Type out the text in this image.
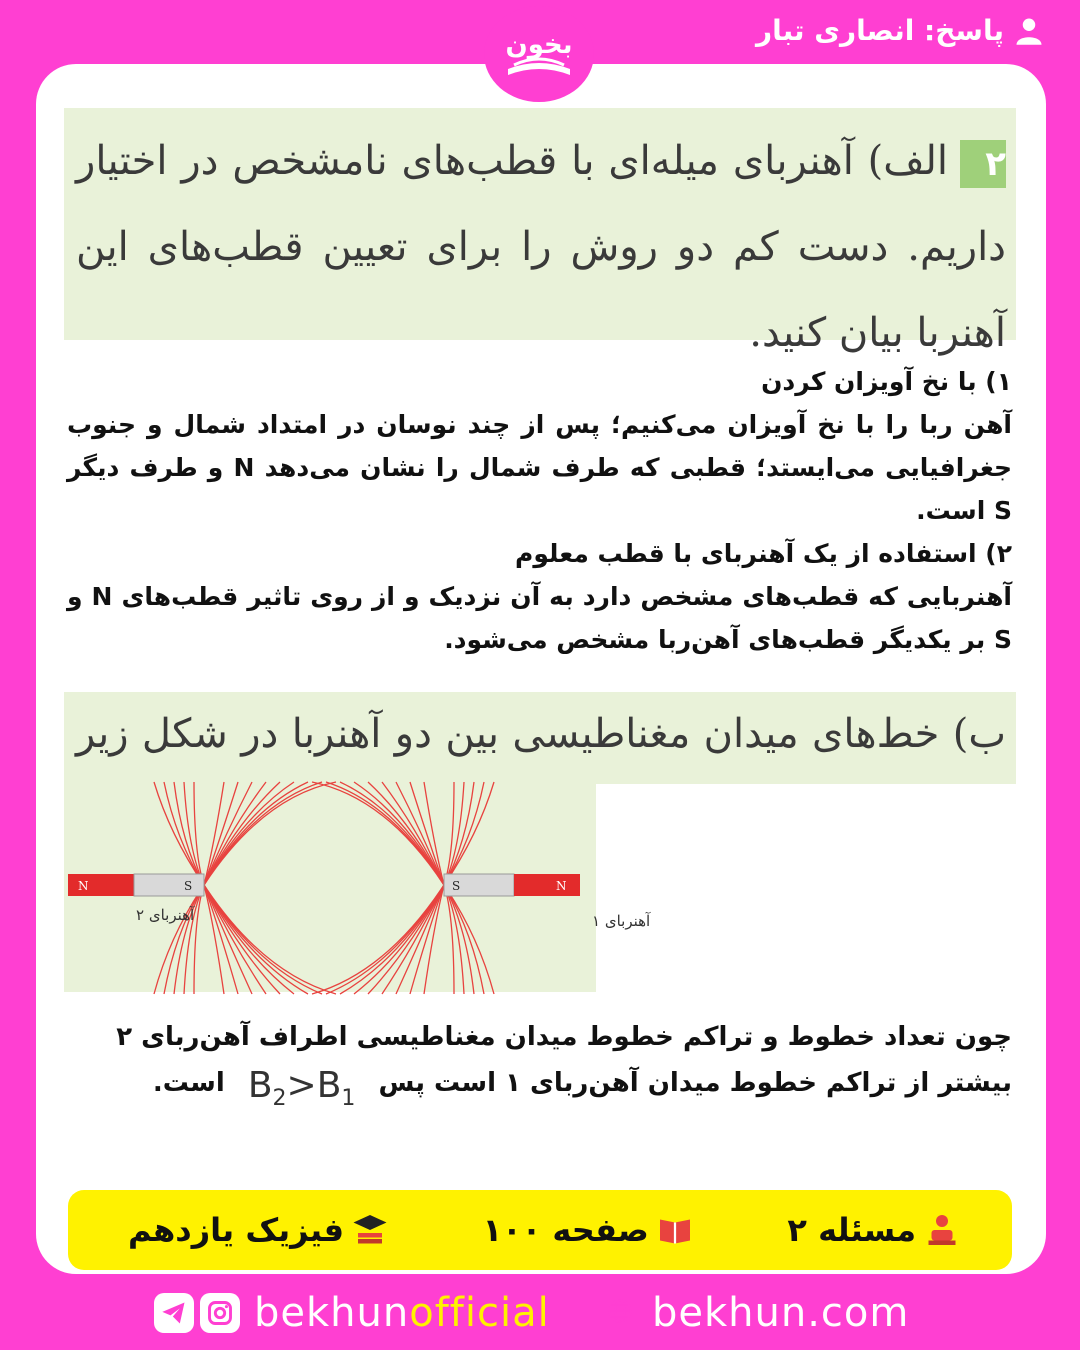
پاسخ: انصاری تبار
بخون
۲الف) آهنربای میله‌ای با قطب‌های نامشخص در اختیار داریم. دست کم دو روش را برای تعیین قطب‌های این آهنربا بیان کنید.

۱) با نخ آویزان کردن

آهن ربا را با نخ آویزان می‌کنیم؛ پس از چند نوسان در امتداد شمال و جنوب جغرافیایی می‌ایستد؛ قطبی که طرف شمال را نشان می‌دهد N و طرف دیگر S است.

۲) استفاده از یک آهنربای با قطب معلوم

آهنربایی که قطب‌های مشخص دارد به آن نزدیک و از روی تاثیر قطب‌های N و S بر یکدیگر قطب‌های آهن‌ربا مشخص می‌شود.

ب) خط‌های میدان مغناطیسی بین دو آهنربا در شکل زیر
N	S
آهنربای ۲
S	N
آهنربای ۱

چون تعداد خطوط و تراکم خطوط میدان مغناطیسی اطراف آهن‌ربای ۲

بیشتر از تراکم خطوط میدان آهن‌ربای ۱ است پس $B_2>B_1$ است.

مسئله ۲
صفحه ۱۰۰
فیزیک یازدهم
bekhunofficial	bekhun.com
